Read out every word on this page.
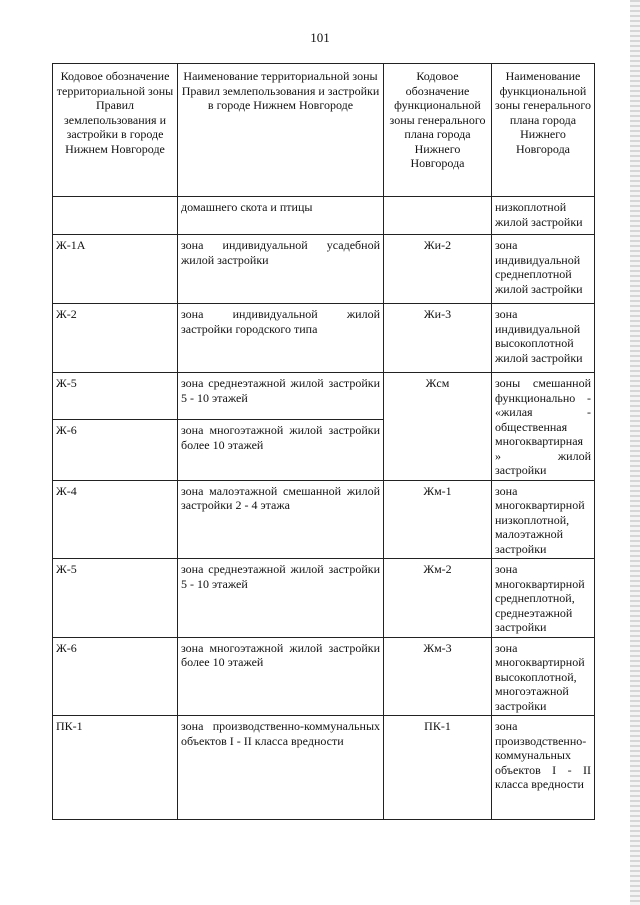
101
Кодовое обозначение территориальной зоны Правил землепользования и застройки в городе Нижнем Новгороде	Наименование территориальной зоны Правил землепользования и застройки в городе Нижнем Новгороде	Кодовое обозначение функциональной зоны генерального плана города Нижнего Новгорода	Наименование функциональной зоны генерального плана города Нижнего Новгорода
	домашнего скота и птицы		низкоплотной жилой застройки
Ж-1А	зона индивидуальной усадебной жилой застройки	Жи-2	зона индивидуальной среднеплотной жилой застройки
Ж-2	зона индивидуальной жилой застройки городского типа	Жи-3	зона индивидуальной высокоплотной жилой застройки
Ж-5	зона среднеэтажной жилой застройки 5 - 10 этажей	Жсм	зоны смешанной функционально - «жилая - общественная многоквартирная » жилой застройки
Ж-6	зона многоэтажной жилой застройки более 10 этажей		
Ж-4	зона малоэтажной смешанной жилой застройки 2 - 4 этажа	Жм-1	зона многоквартирной низкоплотной, малоэтажной застройки
Ж-5	зона среднеэтажной жилой застройки 5 - 10 этажей	Жм-2	зона многоквартирной среднеплотной, среднеэтажной застройки
Ж-6	зона многоэтажной жилой застройки более 10 этажей	Жм-3	зона многоквартирной высокоплотной, многоэтажной застройки
ПК-1	зона производственно-коммунальных объектов I - II класса вредности	ПК-1	зона производственно-коммунальных объектов I - II класса вредности
